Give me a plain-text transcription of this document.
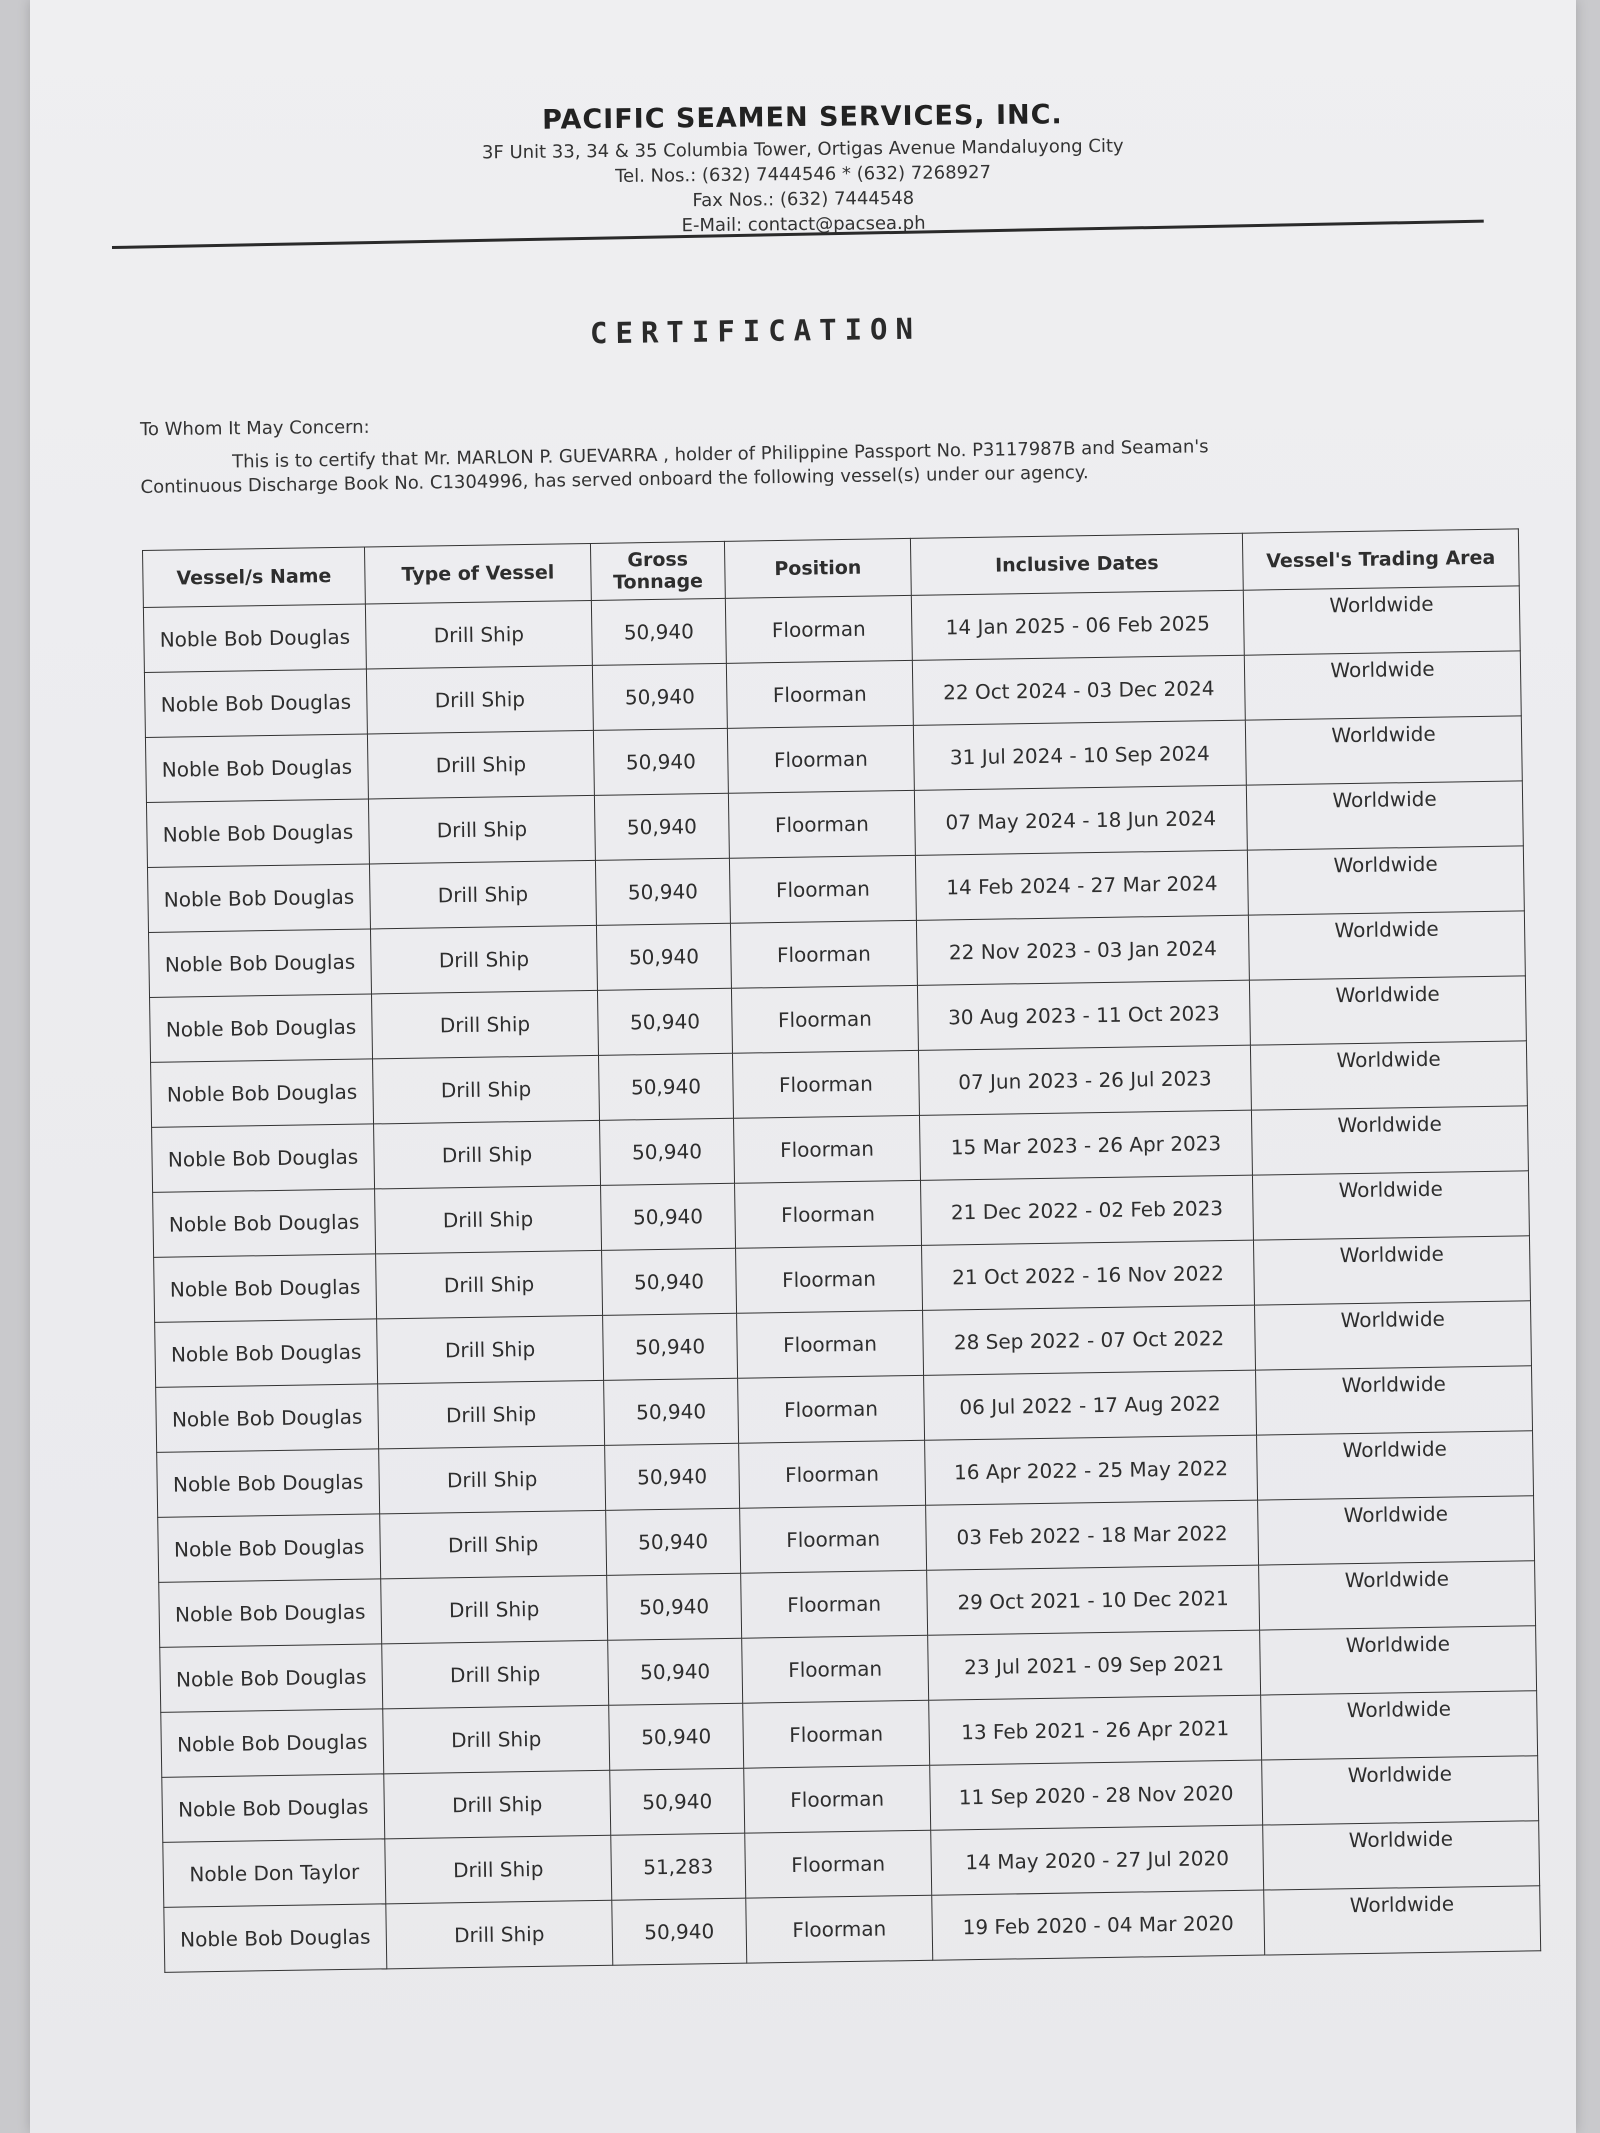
PACIFIC SEAMEN SERVICES, INC.
3F Unit 33, 34 & 35 Columbia Tower, Ortigas Avenue Mandaluyong City
Tel. Nos.: (632) 7444546 * (632) 7268927
Fax Nos.: (632) 7444548
E-Mail: contact@pacsea.ph
CERTIFICATION
To Whom It May Concern:
This is to certify that Mr. MARLON P. GUEVARRA , holder of Philippine Passport No. P3117987B and Seaman's
Continuous Discharge Book No. C1304996, has served onboard the following vessel(s) under our agency.
Vessel/s Name	Type of Vessel	Gross Tonnage	Position	Inclusive Dates	Vessel's Trading Area
Noble Bob Douglas	Drill Ship	50,940	Floorman	14 Jan 2025 - 06 Feb 2025	Worldwide
Noble Bob Douglas	Drill Ship	50,940	Floorman	22 Oct 2024 - 03 Dec 2024	Worldwide
Noble Bob Douglas	Drill Ship	50,940	Floorman	31 Jul 2024 - 10 Sep 2024	Worldwide
Noble Bob Douglas	Drill Ship	50,940	Floorman	07 May 2024 - 18 Jun 2024	Worldwide
Noble Bob Douglas	Drill Ship	50,940	Floorman	14 Feb 2024 - 27 Mar 2024	Worldwide
Noble Bob Douglas	Drill Ship	50,940	Floorman	22 Nov 2023 - 03 Jan 2024	Worldwide
Noble Bob Douglas	Drill Ship	50,940	Floorman	30 Aug 2023 - 11 Oct 2023	Worldwide
Noble Bob Douglas	Drill Ship	50,940	Floorman	07 Jun 2023 - 26 Jul 2023	Worldwide
Noble Bob Douglas	Drill Ship	50,940	Floorman	15 Mar 2023 - 26 Apr 2023	Worldwide
Noble Bob Douglas	Drill Ship	50,940	Floorman	21 Dec 2022 - 02 Feb 2023	Worldwide
Noble Bob Douglas	Drill Ship	50,940	Floorman	21 Oct 2022 - 16 Nov 2022	Worldwide
Noble Bob Douglas	Drill Ship	50,940	Floorman	28 Sep 2022 - 07 Oct 2022	Worldwide
Noble Bob Douglas	Drill Ship	50,940	Floorman	06 Jul 2022 - 17 Aug 2022	Worldwide
Noble Bob Douglas	Drill Ship	50,940	Floorman	16 Apr 2022 - 25 May 2022	Worldwide
Noble Bob Douglas	Drill Ship	50,940	Floorman	03 Feb 2022 - 18 Mar 2022	Worldwide
Noble Bob Douglas	Drill Ship	50,940	Floorman	29 Oct 2021 - 10 Dec 2021	Worldwide
Noble Bob Douglas	Drill Ship	50,940	Floorman	23 Jul 2021 - 09 Sep 2021	Worldwide
Noble Bob Douglas	Drill Ship	50,940	Floorman	13 Feb 2021 - 26 Apr 2021	Worldwide
Noble Bob Douglas	Drill Ship	50,940	Floorman	11 Sep 2020 - 28 Nov 2020	Worldwide
Noble Don Taylor	Drill Ship	51,283	Floorman	14 May 2020 - 27 Jul 2020	Worldwide
Noble Bob Douglas	Drill Ship	50,940	Floorman	19 Feb 2020 - 04 Mar 2020	Worldwide
